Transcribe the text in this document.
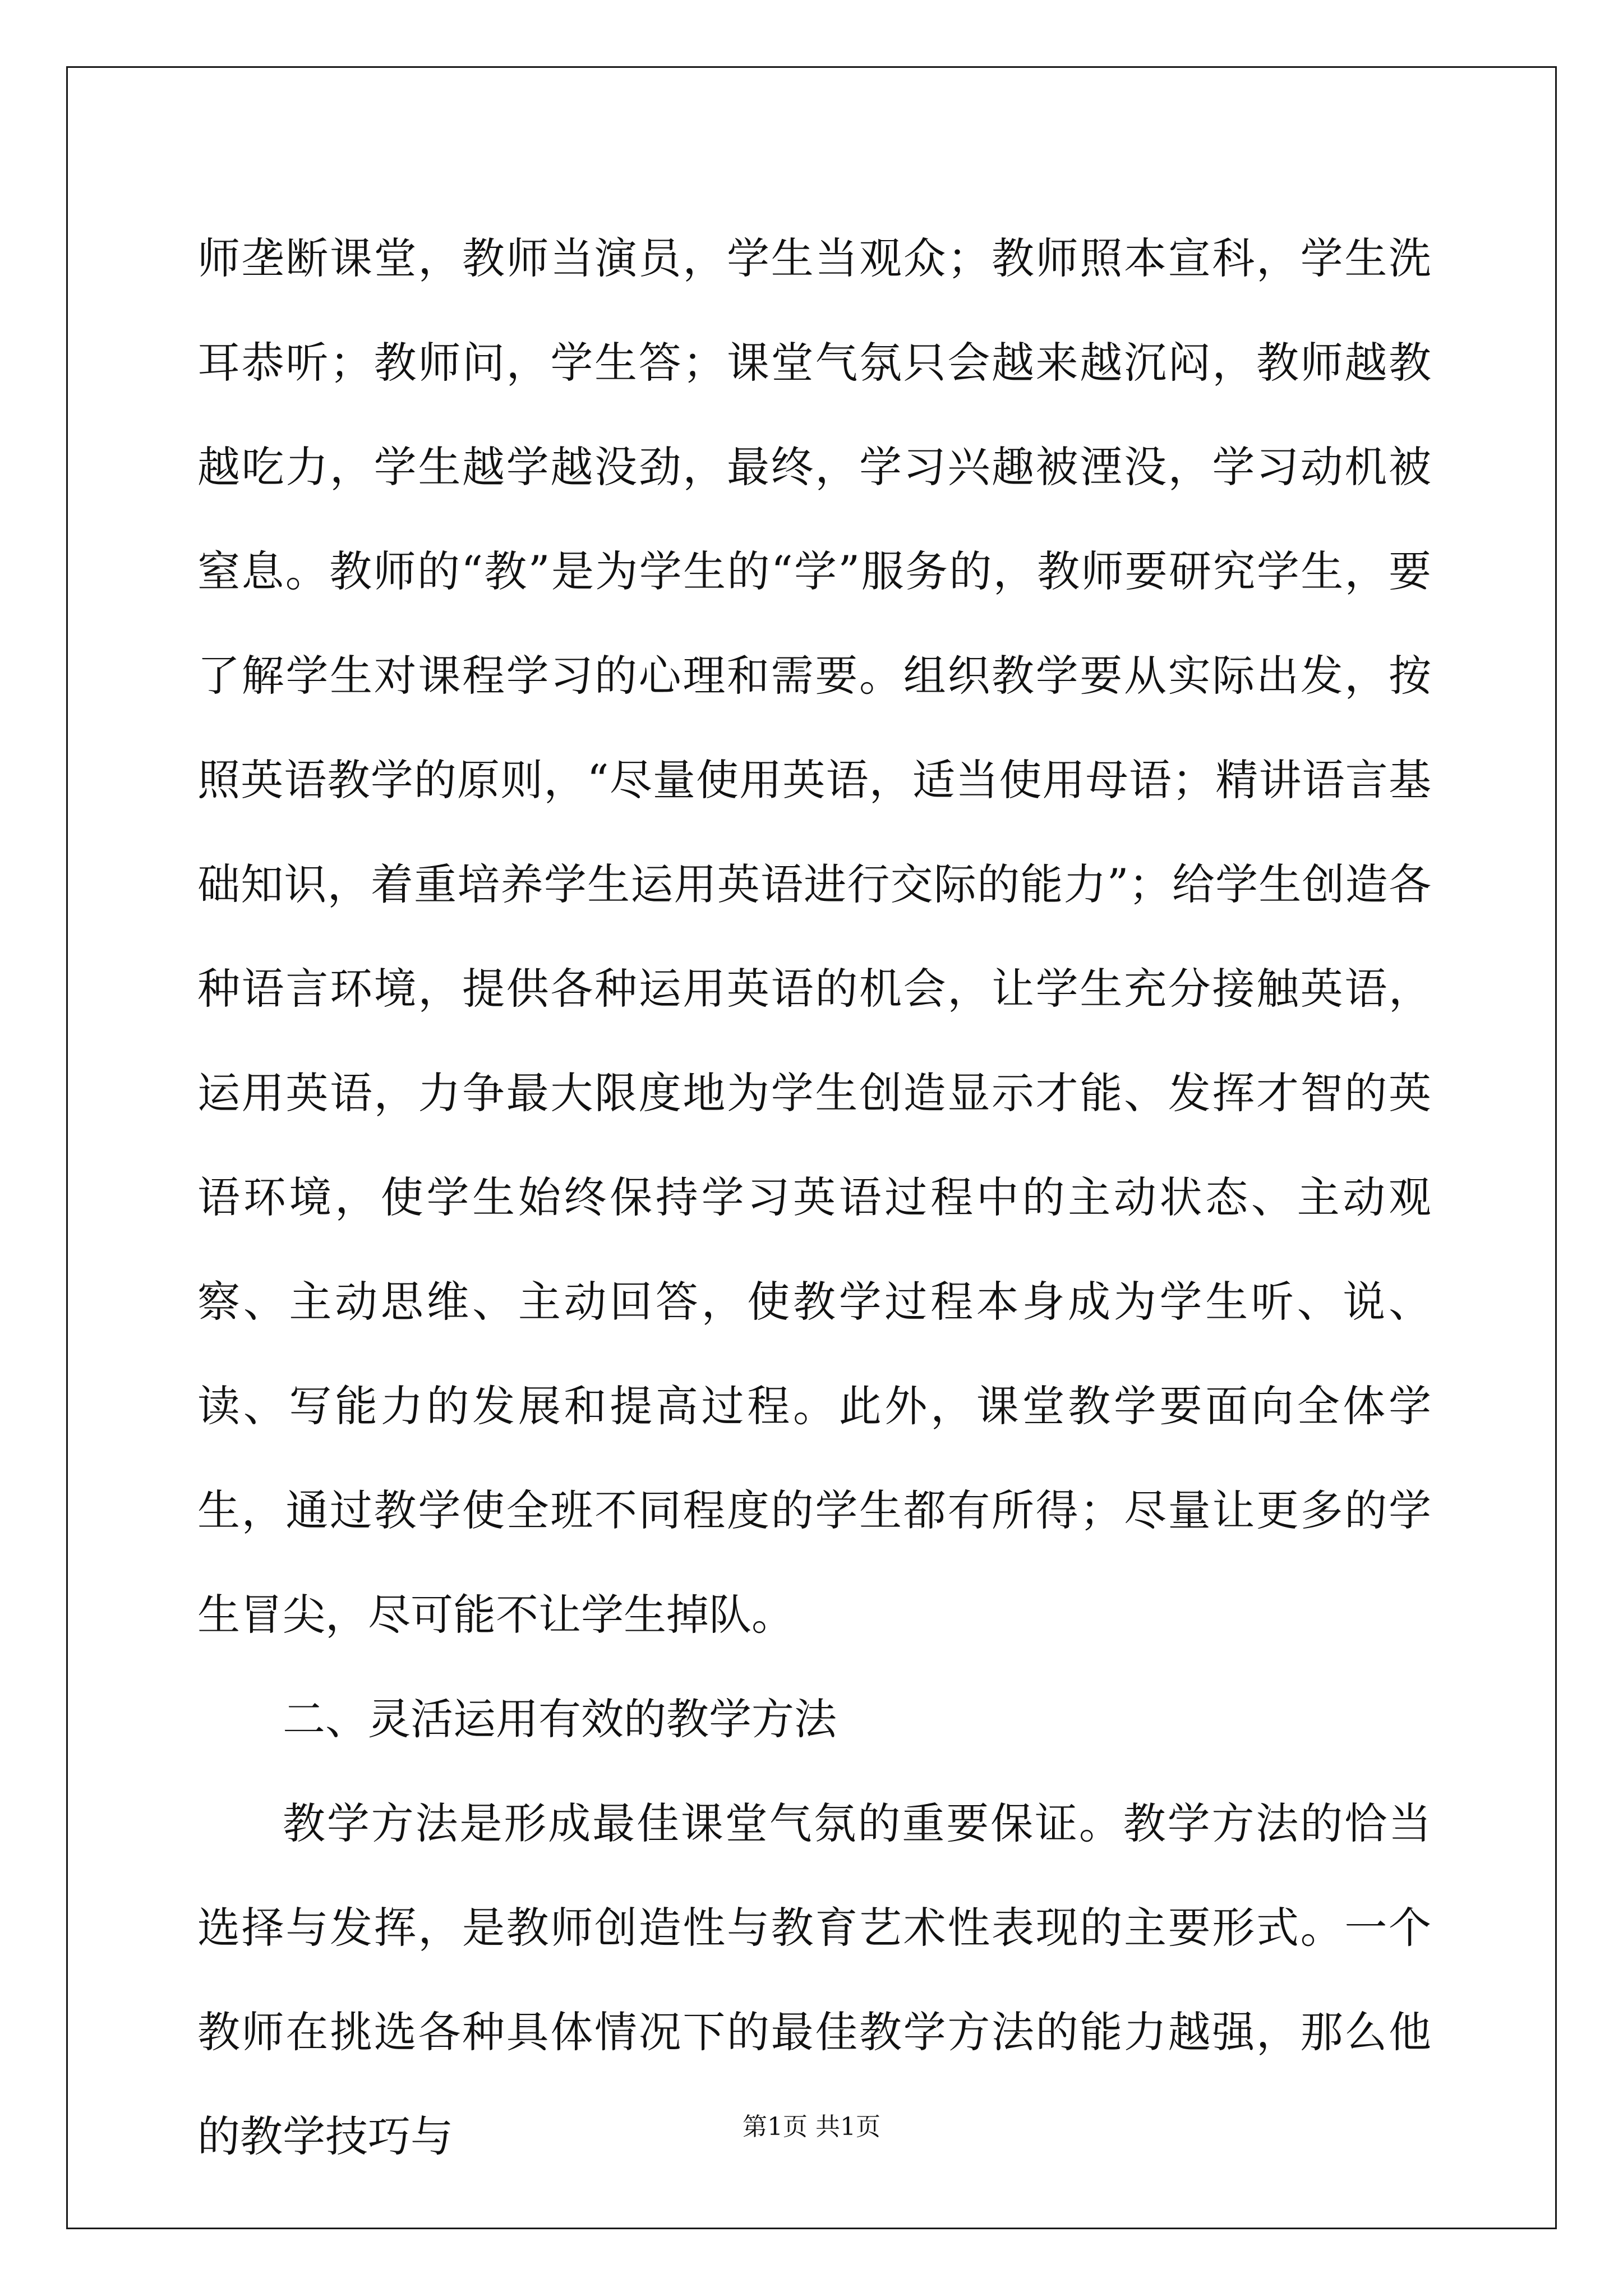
师垄断课堂，教师当演员，学生当观众；教师照本宣科，学生洗耳恭听；教师问，学生答；课堂气氛只会越来越沉闷，教师越教越吃力，学生越学越没劲，最终，学习兴趣被湮没，学习动机被窒息。教师的“教”是为学生的“学”服务的，教师要研究学生，要了解学生对课程学习的心理和需要。组织教学要从实际出发，按照英语教学的原则，“尽量使用英语，适当使用母语；精讲语言基础知识，着重培养学生运用英语进行交际的能力”；给学生创造各种语言环境，提供各种运用英语的机会，让学生充分接触英语，运用英语，力争最大限度地为学生创造显示才能、发挥才智的英语环境，使学生始终保持学习英语过程中的主动状态、主动观察、主动思维、主动回答，使教学过程本身成为学生听、说、读、写能力的发展和提高过程。此外，课堂教学要面向全体学生，通过教学使全班不同程度的学生都有所得；尽量让更多的学生冒尖，尽可能不让学生掉队。

二、灵活运用有效的教学方法

教学方法是形成最佳课堂气氛的重要保证。教学方法的恰当选择与发挥，是教师创造性与教育艺术性表现的主要形式。一个教师在挑选各种具体情况下的最佳教学方法的能力越强，那么他的教学技巧与	第1页 共1页
